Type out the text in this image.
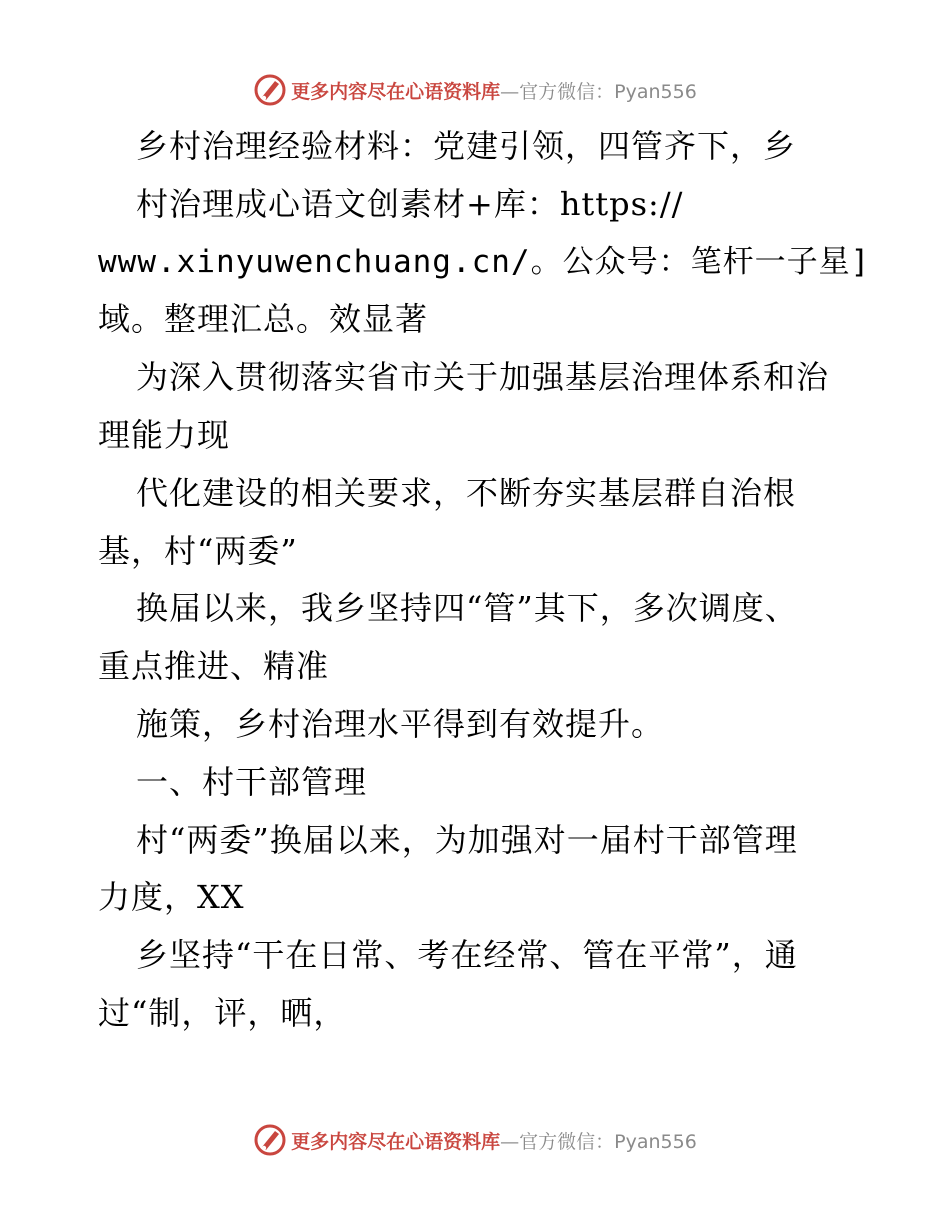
更多内容尽在心语资料库—官方微信：Pyan556
乡村治理经验材料：党建引领，四管齐下，乡
村治理成心语文创素材+库：https://
www.xinyuwenchuang.cn/。公众号：笔杆一子星]
域。整理汇总。效显著
为深入贯彻落实省市关于加强基层治理体系和治
理能力现
代化建设的相关要求，不断夯实基层群自治根
基，村“两委”
换届以来，我乡坚持四“管”其下，多次调度、
重点推进、精准
施策，乡村治理水平得到有效提升。
一、村干部管理
村“两委”换届以来，为加强对一届村干部管理
力度，XX
乡坚持“干在日常、考在经常、管在平常”，通
过“制，评，晒，
更多内容尽在心语资料库—官方微信：Pyan556
